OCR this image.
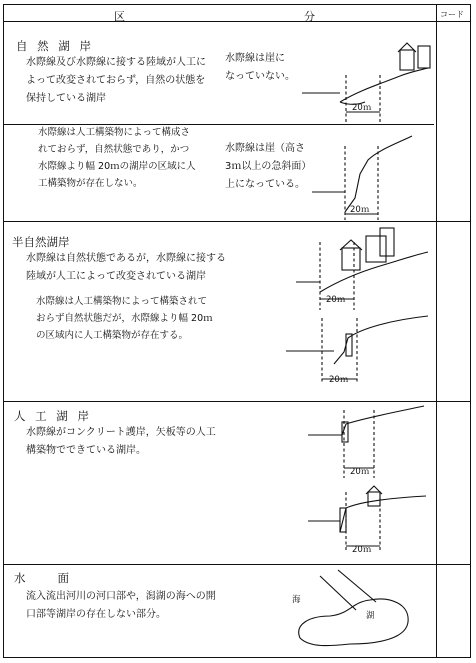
区	分	コード
自 然 湖 岸
水際線及び水際線に接する陸域が人工に
よって改変されておらず，自然の状態を
保持している湖岸
水際線は人工構築物によって構成さ
れておらず，自然状態であり，かつ
水際線より幅 20ｍの湖岸の区域に人
工構築物が存在しない。
水際線は崖に
なっていない。
水際線は崖（高さ
3ｍ以上の急斜面）
上になっている。
20ｍ
20ｍ
半自然湖岸
水際線は自然状態であるが，水際線に接する
陸域が人工によって改変されている湖岸
水際線は人工構築物によって構築されて
おらず自然状態だが，水際線より幅 20ｍ
の区域内に人工構築物が存在する。
20ｍ
20ｍ
人 工 湖 岸
水際線がコンクリート護岸，矢板等の人工
構築物でできている湖岸。
20ｍ
20ｍ
水　　面
流入流出河川の河口部や，潟湖の海への開
口部等湖岸の存在しない部分。
海
湖
